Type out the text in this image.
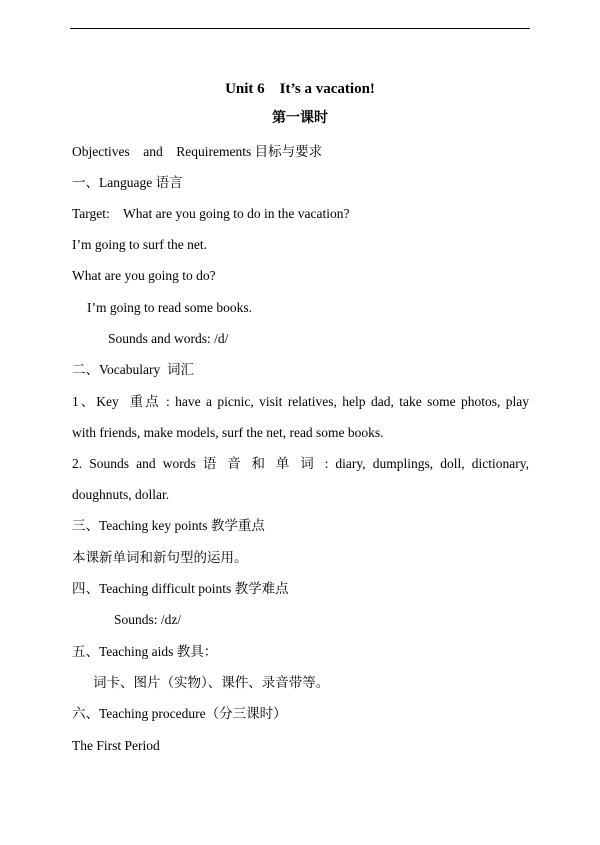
Unit 6    It’s a vacation!
第一课时
Objectives    and    Requirements 目标与要求
一、Language 语言
Target:    What are you going to do in the vacation?
I’m going to surf the net.
What are you going to do?
I’m going to read some books.
Sounds and words: /d/
二、Vocabulary  词汇
1、Key  重点 : have a picnic, visit relatives, help dad, take some photos, play
with friends, make models, surf the net, read some books.
2. Sounds and words 语 音 和 单 词 : diary, dumplings, doll, dictionary,
doughnuts, dollar.
三、Teaching key points 教学重点
本课新单词和新句型的运用。
四、Teaching difficult points 教学难点
Sounds: /dz/
五、Teaching aids 教具：
词卡、图片（实物）、课件、录音带等。
六、Teaching procedure（分三课时）
The First Period
